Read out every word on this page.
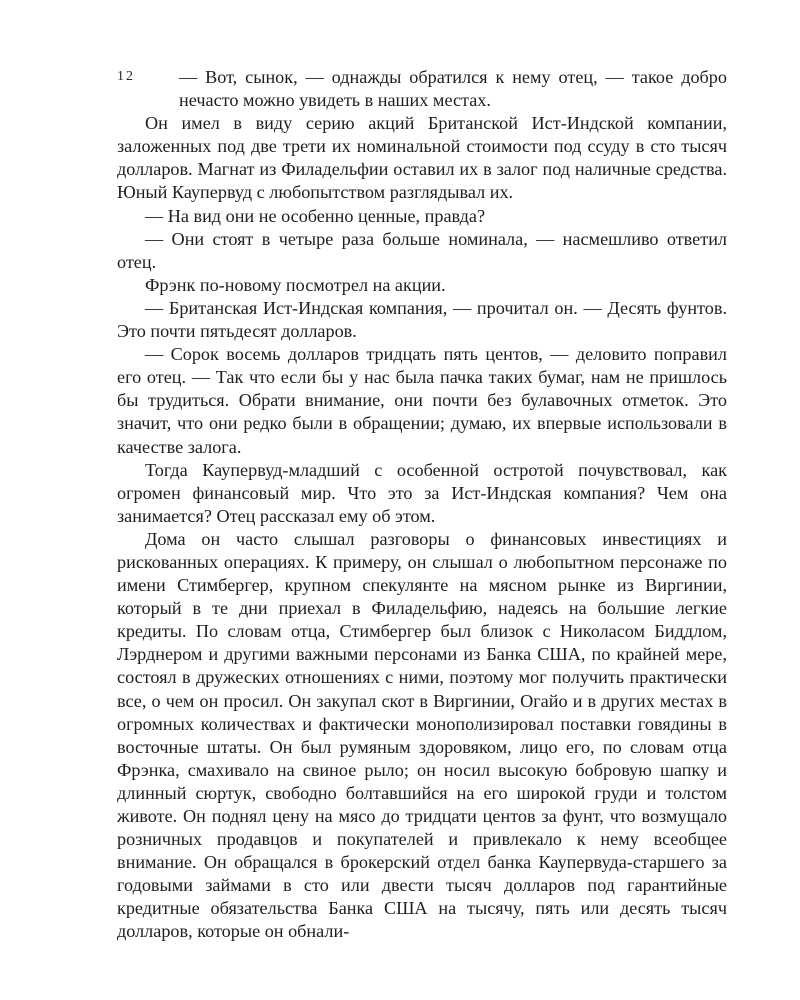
12	— Вот, сынок, — однажды обратился к нему отец, — такое добро нечасто можно увидеть в наших местах.

Он имел в виду серию акций Британской Ист-Индской компании, заложенных под две трети их номинальной стоимости под ссуду в сто тысяч долларов. Магнат из Филадельфии оставил их в залог под наличные средства. Юный Каупервуд с любопытством разглядывал их.

— На вид они не особенно ценные, правда?

— Они стоят в четыре раза больше номинала, — насмешливо ответил отец.

Фрэнк по-новому посмотрел на акции.

— Британская Ист-Индская компания, — прочитал он. — Десять фунтов. Это почти пятьдесят долларов.

— Сорок восемь долларов тридцать пять центов, — деловито поправил его отец. — Так что если бы у нас была пачка таких бумаг, нам не пришлось бы трудиться. Обрати внимание, они почти без булавочных отметок. Это значит, что они редко были в обращении; думаю, их впервые использовали в качестве залога.

Тогда Каупервуд-младший с особенной остротой почувствовал, как огромен финансовый мир. Что это за Ист-Индская компания? Чем она занимается? Отец рассказал ему об этом.

Дома он часто слышал разговоры о финансовых инвестициях и рискованных операциях. К примеру, он слышал о любопытном персонаже по имени Стимбергер, крупном спекулянте на мясном рынке из Виргинии, который в те дни приехал в Филадельфию, надеясь на большие легкие кредиты. По словам отца, Стимбергер был близок с Николасом Биддлом, Лэрднером и другими важными персонами из Банка США, по крайней мере, состоял в дружеских отношениях с ними, поэтому мог получить практически все, о чем он просил. Он закупал скот в Виргинии, Огайо и в других местах в огромных количествах и фактически монополизировал поставки говядины в восточные штаты. Он был румяным здоровяком, лицо его, по словам отца Фрэнка, смахивало на свиное рыло; он носил высокую бобровую шапку и длинный сюртук, свободно болтавшийся на его широкой груди и толстом животе. Он поднял цену на мясо до тридцати центов за фунт, что возмущало розничных продавцов и покупателей и привлекало к нему всеобщее внимание. Он обращался в брокерский отдел банка Каупервуда-старшего за годовыми займами в сто или двести тысяч долларов под гарантийные кредитные обязательства Банка США на тысячу, пять или десять тысяч долларов, которые он обнали-
